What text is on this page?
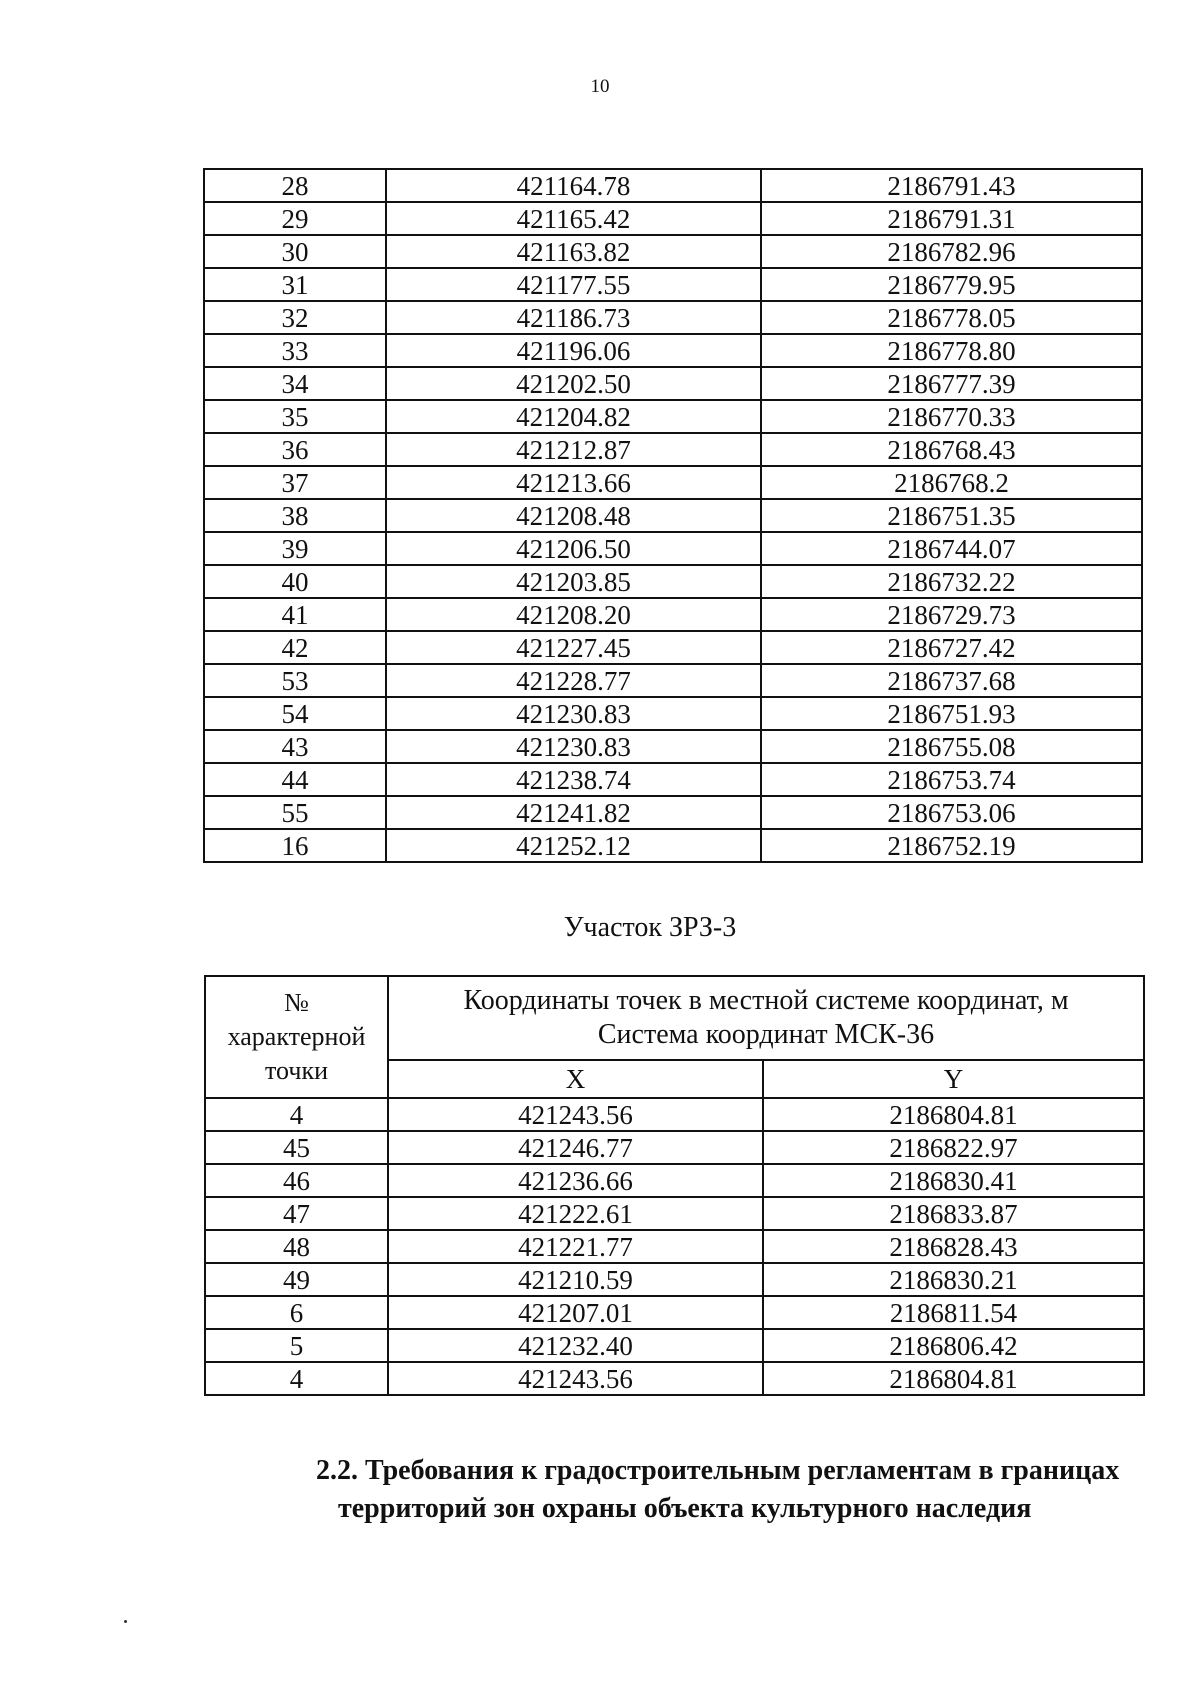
10
28	421164.78	2186791.43
29	421165.42	2186791.31
30	421163.82	2186782.96
31	421177.55	2186779.95
32	421186.73	2186778.05
33	421196.06	2186778.80
34	421202.50	2186777.39
35	421204.82	2186770.33
36	421212.87	2186768.43
37	421213.66	2186768.2
38	421208.48	2186751.35
39	421206.50	2186744.07
40	421203.85	2186732.22
41	421208.20	2186729.73
42	421227.45	2186727.42
53	421228.77	2186737.68
54	421230.83	2186751.93
43	421230.83	2186755.08
44	421238.74	2186753.74
55	421241.82	2186753.06
16	421252.12	2186752.19
Участок ЗРЗ-3
№
характерной
точки	Координаты точек в местной системе координат, м
Система координат МСК-36	
	X	Y
4	421243.56	2186804.81
45	421246.77	2186822.97
46	421236.66	2186830.41
47	421222.61	2186833.87
48	421221.77	2186828.43
49	421210.59	2186830.21
6	421207.01	2186811.54
5	421232.40	2186806.42
4	421243.56	2186804.81
2.2. Требования к градостроительным регламентам в границах
территорий зон охраны объекта культурного наследия
